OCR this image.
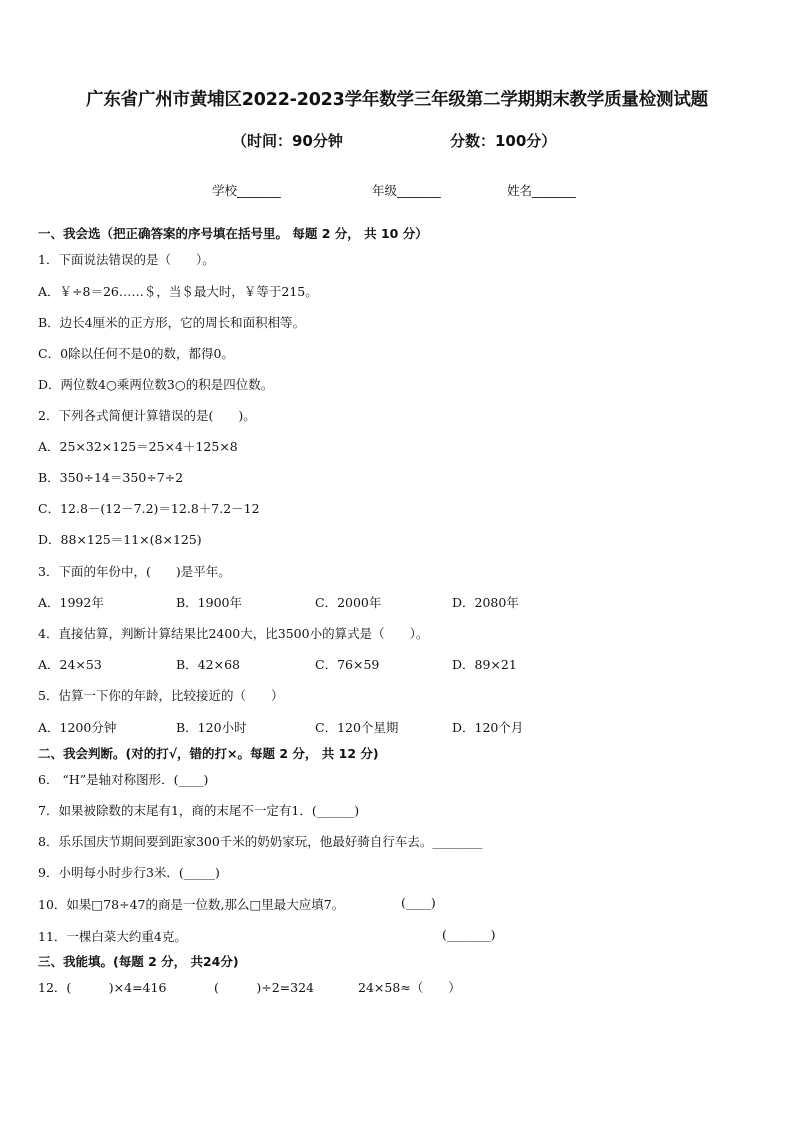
广东省广州市黄埔区2022-2023学年数学三年级第二学期期末教学质量检测试题
（时间：90分钟	分数：100分）
学校_______	年级_______	姓名_______
一、我会选（把正确答案的序号填在括号里。 每题 2 分， 共 10 分）
1．下面说法错误的是（　　）。
A．￥÷8＝26……＄，当＄最大时，￥等于215。
B．边长4厘米的正方形，它的周长和面积相等。
C．0除以任何不是0的数，都得0。
D．两位数4○乘两位数3○的积是四位数。
2．下列各式简便计算错误的是(　　)。
A．25×32×125＝25×4＋125×8
B．350÷14＝350÷7÷2
C．12.8－(12－7.2)＝12.8＋7.2－12
D．88×125＝11×(8×125)
3．下面的年份中，(　　)是平年。
A．1992年	B．1900年	C．2000年	D．2080年
4．直接估算，判断计算结果比2400大，比3500小的算式是（　　）。
A．24×53	B．42×68	C．76×59	D．89×21
5．估算一下你的年龄，比较接近的（　　）
A．1200分钟	B．120小时	C．120个星期	D．120个月
二、我会判断。(对的打√，错的打×。每题 2 分， 共 12 分)
6． “H”是轴对称图形．(____)
7．如果被除数的末尾有1，商的末尾不一定有1．(______)
8．乐乐国庆节期间要到距家300千米的奶奶家玩，他最好骑自行车去。________
9．小明每小时步行3米．(_____)
10．如果□78÷47的商是一位数,那么□里最大应填7。	(____)
11．一棵白菜大约重4克。	(_______)
三、我能填。(每题 2 分， 共24分)
12．(　　　)×4=416	(　　　)÷2=324	24×58≈（　　）
